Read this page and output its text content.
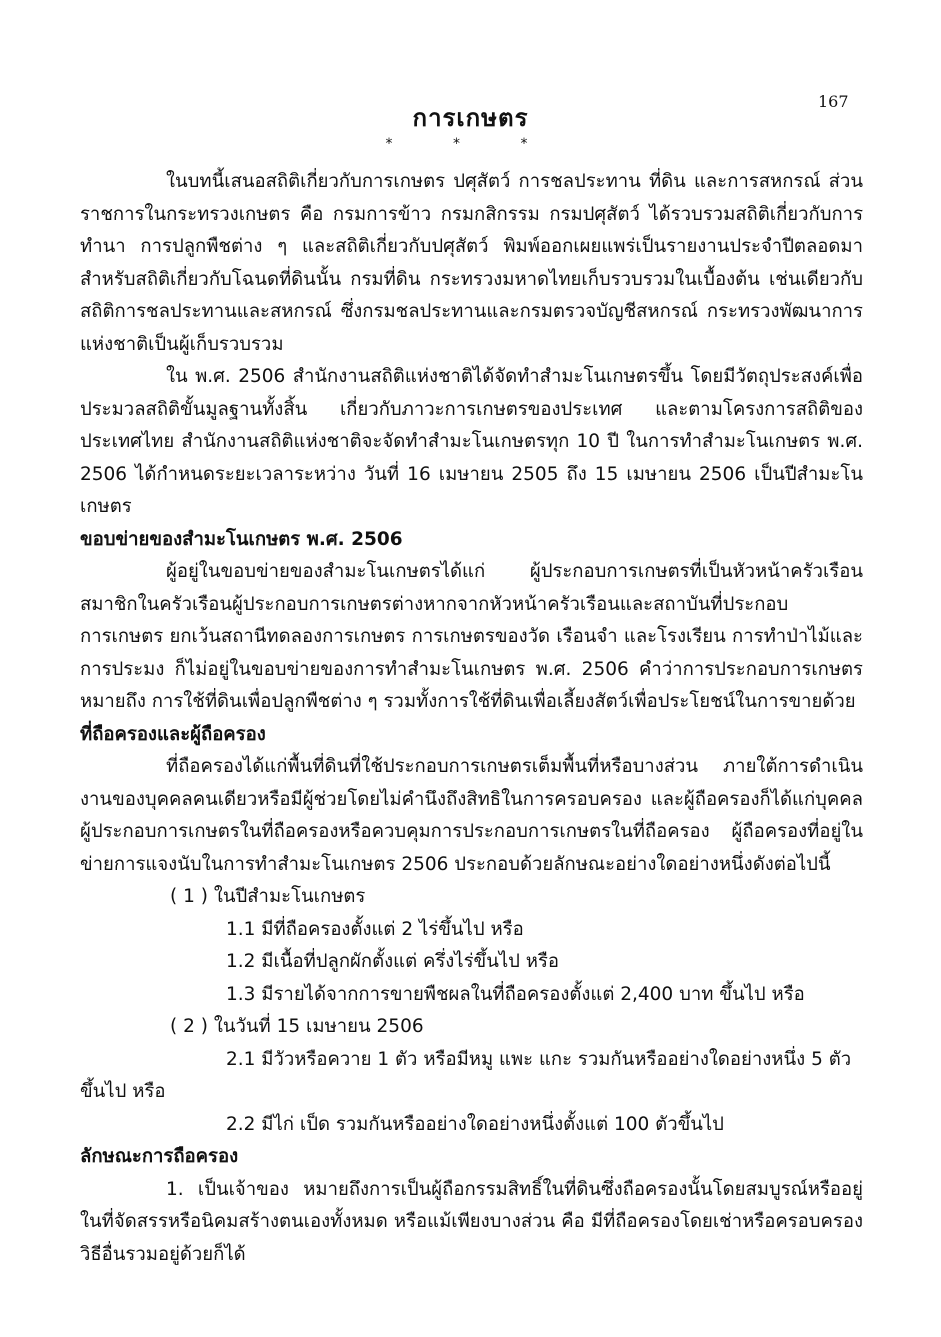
167
การเกษตร
* * *

ในบทนี้เสนอสถิติเกี่ยวกับการเกษตร ปศุสัตว์ การชลประทาน ที่ดิน และการสหกรณ์ ส่วนราชการในกระทรวงเกษตร คือ กรมการข้าว กรมกสิกรรม กรมปศุสัตว์ ได้รวบรวมสถิติเกี่ยวกับการทำนา การปลูกพืชต่าง ๆ และสถิติเกี่ยวกับปศุสัตว์ พิมพ์ออกเผยแพร่เป็นรายงานประจำปีตลอดมา สำหรับสถิติเกี่ยวกับโฉนดที่ดินนั้น กรมที่ดิน กระทรวงมหาดไทยเก็บรวบรวมในเบื้องต้น เช่นเดียวกับสถิติการชลประทานและสหกรณ์ ซึ่งกรมชลประทานและกรมตรวจบัญชีสหกรณ์ กระทรวงพัฒนาการแห่งชาติเป็นผู้เก็บรวบรวม

ใน พ.ศ. 2506 สำนักงานสถิติแห่งชาติได้จัดทำสำมะโนเกษตรขึ้น โดยมีวัตถุประสงค์เพื่อประมวลสถิติขั้นมูลฐานทั้งสิ้น เกี่ยวกับภาวะการเกษตรของประเทศ และตามโครงการสถิติของประเทศไทย สำนักงานสถิติแห่งชาติจะจัดทำสำมะโนเกษตรทุก 10 ปี ในการทำสำมะโนเกษตร พ.ศ. 2506 ได้กำหนดระยะเวลาระหว่าง วันที่ 16 เมษายน 2505 ถึง 15 เมษายน 2506 เป็นปีสำมะโนเกษตร

ขอบข่ายของสำมะโนเกษตร พ.ศ. 2506

ผู้อยู่ในขอบข่ายของสำมะโนเกษตรได้แก่ ผู้ประกอบการเกษตรที่เป็นหัวหน้าครัวเรือน สมาชิกในครัวเรือนผู้ประกอบการเกษตรต่างหากจากหัวหน้าครัวเรือนและสถาบันที่ประกอบการเกษตร ยกเว้นสถานีทดลองการเกษตร การเกษตรของวัด เรือนจำ และโรงเรียน การทำป่าไม้และการประมง ก็ไม่อยู่ในขอบข่ายของการทำสำมะโนเกษตร พ.ศ. 2506 คำว่าการประกอบการเกษตรหมายถึง การใช้ที่ดินเพื่อปลูกพืชต่าง ๆ รวมทั้งการใช้ที่ดินเพื่อเลี้ยงสัตว์เพื่อประโยชน์ในการขายด้วย

ที่ถือครองและผู้ถือครอง

ที่ถือครองได้แก่พื้นที่ดินที่ใช้ประกอบการเกษตรเต็มพื้นที่หรือบางส่วน ภายใต้การดำเนินงานของบุคคลคนเดียวหรือมีผู้ช่วยโดยไม่คำนึงถึงสิทธิในการครอบครอง และผู้ถือครองก็ได้แก่บุคคลผู้ประกอบการเกษตรในที่ถือครองหรือควบคุมการประกอบการเกษตรในที่ถือครอง ผู้ถือครองที่อยู่ในข่ายการแจงนับในการทำสำมะโนเกษตร 2506 ประกอบด้วยลักษณะอย่างใดอย่างหนึ่งดังต่อไปนี้

( 1 ) ในปีสำมะโนเกษตร

1.1 มีที่ถือครองตั้งแต่ 2 ไร่ขึ้นไป หรือ

1.2 มีเนื้อที่ปลูกผักตั้งแต่ ครึ่งไร่ขึ้นไป หรือ

1.3 มีรายได้จากการขายพืชผลในที่ถือครองตั้งแต่ 2,400 บาท ขึ้นไป หรือ

( 2 ) ในวันที่ 15 เมษายน 2506

2.1 มีวัวหรือควาย 1 ตัว หรือมีหมู แพะ แกะ รวมกันหรืออย่างใดอย่างหนึ่ง 5 ตัวขึ้นไป หรือ

2.2 มีไก่ เป็ด รวมกันหรืออย่างใดอย่างหนึ่งตั้งแต่ 100 ตัวขึ้นไป

ลักษณะการถือครอง

1. เป็นเจ้าของ หมายถึงการเป็นผู้ถือกรรมสิทธิ์ในที่ดินซึ่งถือครองนั้นโดยสมบูรณ์หรืออยู่ในที่จัดสรรหรือนิคมสร้างตนเองทั้งหมด หรือแม้เพียงบางส่วน คือ มีที่ถือครองโดยเช่าหรือครอบครองวิธีอื่นรวมอยู่ด้วยก็ได้
